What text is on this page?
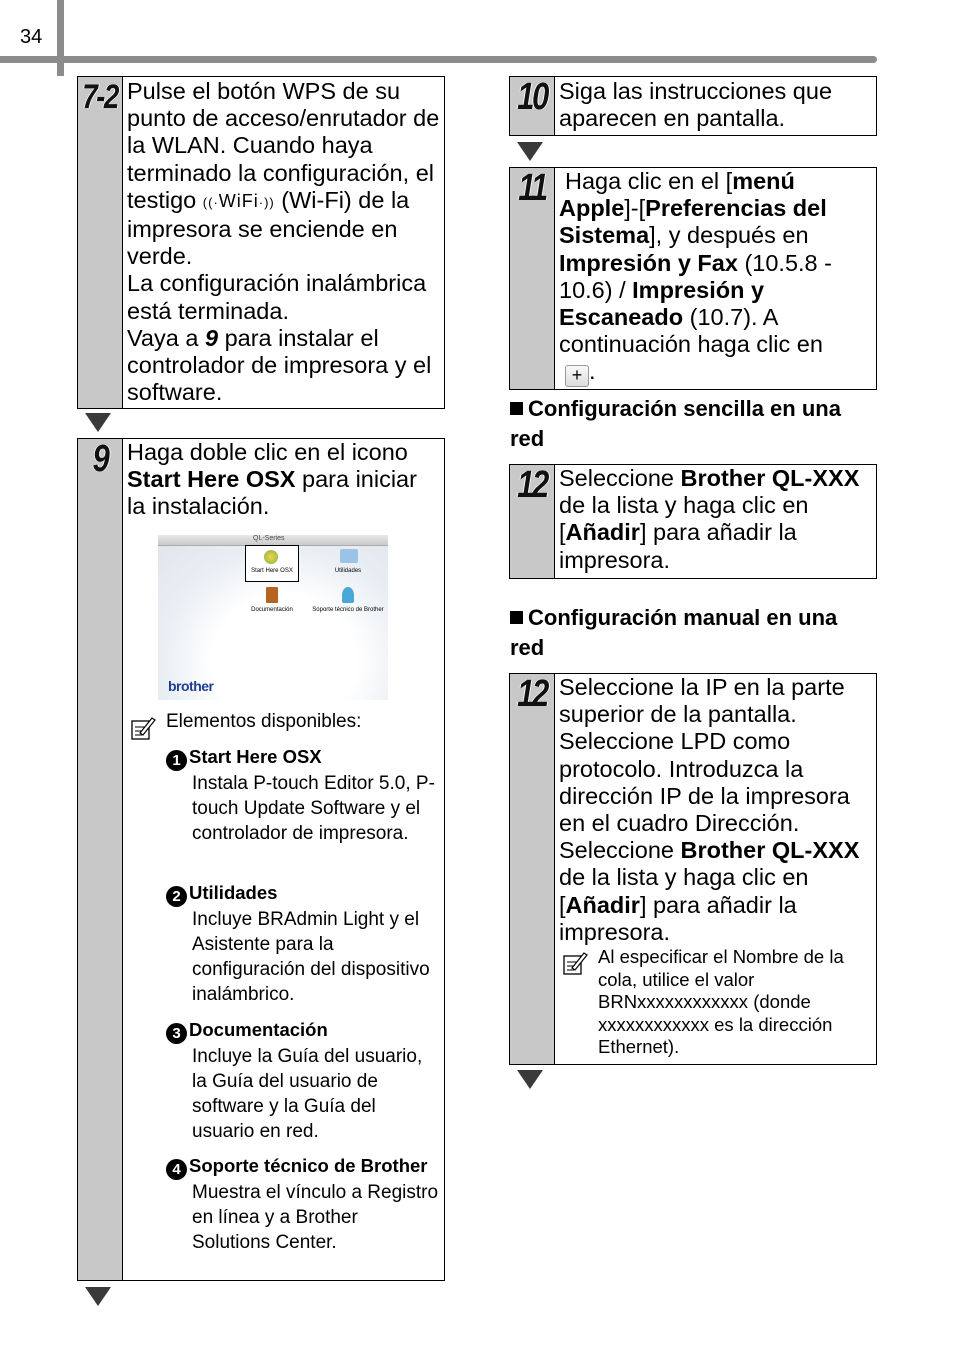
34
7-2 Pulse el botón WPS de su punto de acceso/enrutador de la WLAN. Cuando haya terminado la configuración, el testigo ((·WiFi·)) (Wi-Fi) de la impresora se enciende en verde.
La configuración inalámbrica está terminada.
Vaya a 9 para instalar el controlador de impresora y el software.
9 Haga doble clic en el icono Start Here OSX para iniciar la instalación.
QL-Series
Start Here OSX	Utilidades
Documentación	Soporte técnico de Brother
brother
Elementos disponibles:
1 Start Here OSX
Instala P-touch Editor 5.0, P-touch Update Software y el controlador de impresora.
2 Utilidades
Incluye BRAdmin Light y el Asistente para la configuración del dispositivo inalámbrico.
3 Documentación
Incluye la Guía del usuario, la Guía del usuario de software y la Guía del usuario en red.
4 Soporte técnico de Brother
Muestra el vínculo a Registro en línea y a Brother Solutions Center.
10 Siga las instrucciones que aparecen en pantalla.
11 Haga clic en el [menú Apple]-[Preferencias del Sistema], y después en Impresión y Fax (10.5.8 - 10.6) / Impresión y Escaneado (10.7). A continuación haga clic en
+ .
Configuración sencilla en una red
12 Seleccione Brother QL-XXX de la lista y haga clic en [Añadir] para añadir la impresora.
Configuración manual en una red
12 Seleccione la IP en la parte superior de la pantalla. Seleccione LPD como protocolo. Introduzca la dirección IP de la impresora en el cuadro Dirección. Seleccione Brother QL-XXX de la lista y haga clic en [Añadir] para añadir la impresora.
Al especificar el Nombre de la cola, utilice el valor BRNxxxxxxxxxxxx (donde xxxxxxxxxxxx es la dirección Ethernet).
